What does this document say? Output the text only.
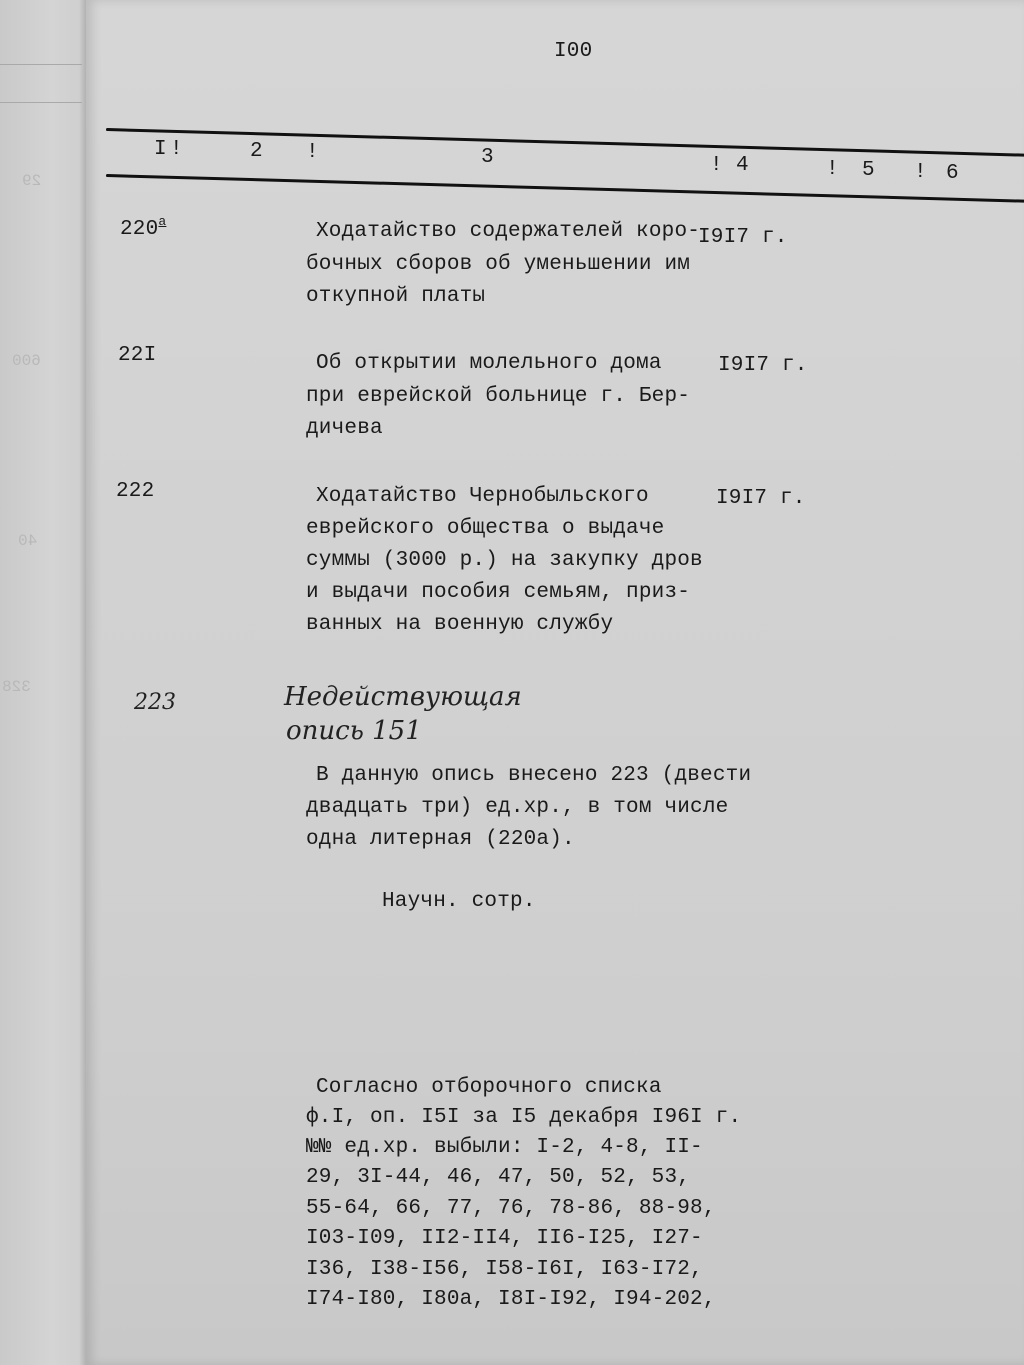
29
600
40
328
I00
I !	2 !	3	! 4	! 5 ! 6
$220^а$	Ходатайство содержателей коро-
бочных сборов об уменьшении им
откупной платы
I9I7 г.
22I	Об открытии молельного дома
при еврейской больнице г. Бер-
дичева
I9I7 г.
222	Ходатайство Чернобыльского
еврейского общества о выдаче
суммы (3000 р.) на закупку дров
и выдачи пособия семьям, приз-
ванных на военную службу
I9I7 г.
223	Недействующая
опись 151
В данную опись внесено 223 (двести
двадцать три) ед.хр., в том числе
одна литерная (220а).
Научн. сотр.
Согласно отборочного списка
ф.I, оп. I5I за I5 декабря I96I г.
№№ ед.хр. выбыли: I-2, 4-8, II-
29, 3I-44, 46, 47, 50, 52, 53,
55-64, 66, 77, 76, 78-86, 88-98,
I03-I09, II2-II4, II6-I25, I27-
I36, I38-I56, I58-I6I, I63-I72,
I74-I80, I80а, I8I-I92, I94-202,
